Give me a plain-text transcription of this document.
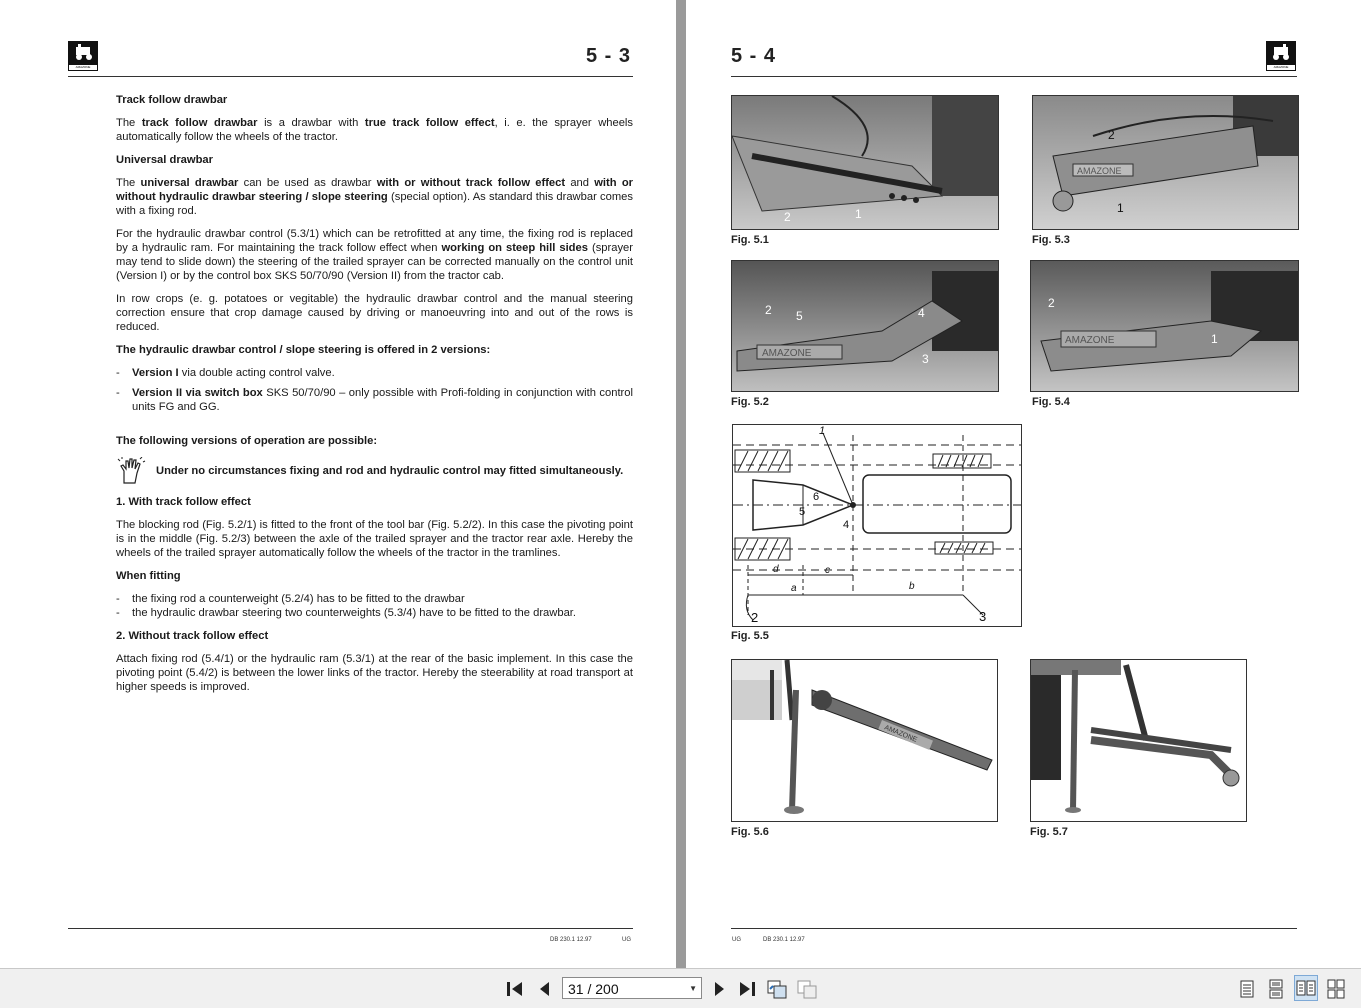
AMAZONE	5 - 3
Track follow drawbar

The track follow drawbar is a drawbar with true track follow effect, i. e. the sprayer wheels automatically follow the wheels of the tractor.

Universal drawbar

The universal drawbar can be used as drawbar with or without track follow effect and with or without hydraulic drawbar steering / slope steering (special option). As standard this drawbar comes with a fixing rod.

For the hydraulic drawbar control (5.3/1) which can be retrofitted at any time, the fixing rod is replaced by a hydraulic ram. For maintaining the track follow effect when working on steep hill sides (sprayer may tend to slide down) the steering of the trailed sprayer can be corrected manually on the control unit (Version I) or by the control box SKS 50/70/90 (Version II) from the tractor cab.

In row crops (e. g. potatoes or vegitable) the hydraulic drawbar control and the manual steering correction ensure that crop damage caused by driving or manoeuvring into and out of the rows is reduced.

The hydraulic drawbar control / slope steering is offered in 2 versions:
-	Version I via double acting control valve.
-	Version II via switch box SKS 50/70/90 – only possible with Profi-folding in conjunction with control units FG and GG.
The following versions of operation are possible:
Under no circumstances fixing and rod and hydraulic control may fitted simultaneously.
1. With track follow effect

The blocking rod (Fig. 5.2/1) is fitted to the front of the tool bar (Fig. 5.2/2). In this case the pivoting point is in the middle (Fig. 5.2/3) between the axle of the trailed sprayer and the tractor rear axle. Hereby the wheels of the trailed sprayer automatically follow the wheels of the tractor in the tramlines.

When fitting
-	the fixing rod a counterweight (5.2/4) has to be fitted to the drawbar
-	the hydraulic drawbar steering two counterweights (5.3/4) have to be fitted to the drawbar.
2. Without track follow effect

Attach fixing rod (5.4/1) or the hydraulic ram (5.3/1) at the rear of the basic implement. In this case the pivoting point (5.4/2) is between the lower links of the tractor. Hereby the steerability at road transport at higher speeds is improved.

DB 230.1 12.97	UG
5 - 4	AMAZONE
2	1
Fig. 5.1
AMAZONE
2
1
Fig. 5.3
AMAZONE
2 5	4
3
Fig. 5.2
AMAZONE
2
1
Fig. 5.4
1
6
5
4
d	c
a	b
2	3
Fig. 5.5
AMAZONE
Fig. 5.6	Fig. 5.7
UG	DB 230.1 12.97
31 / 200	▼
